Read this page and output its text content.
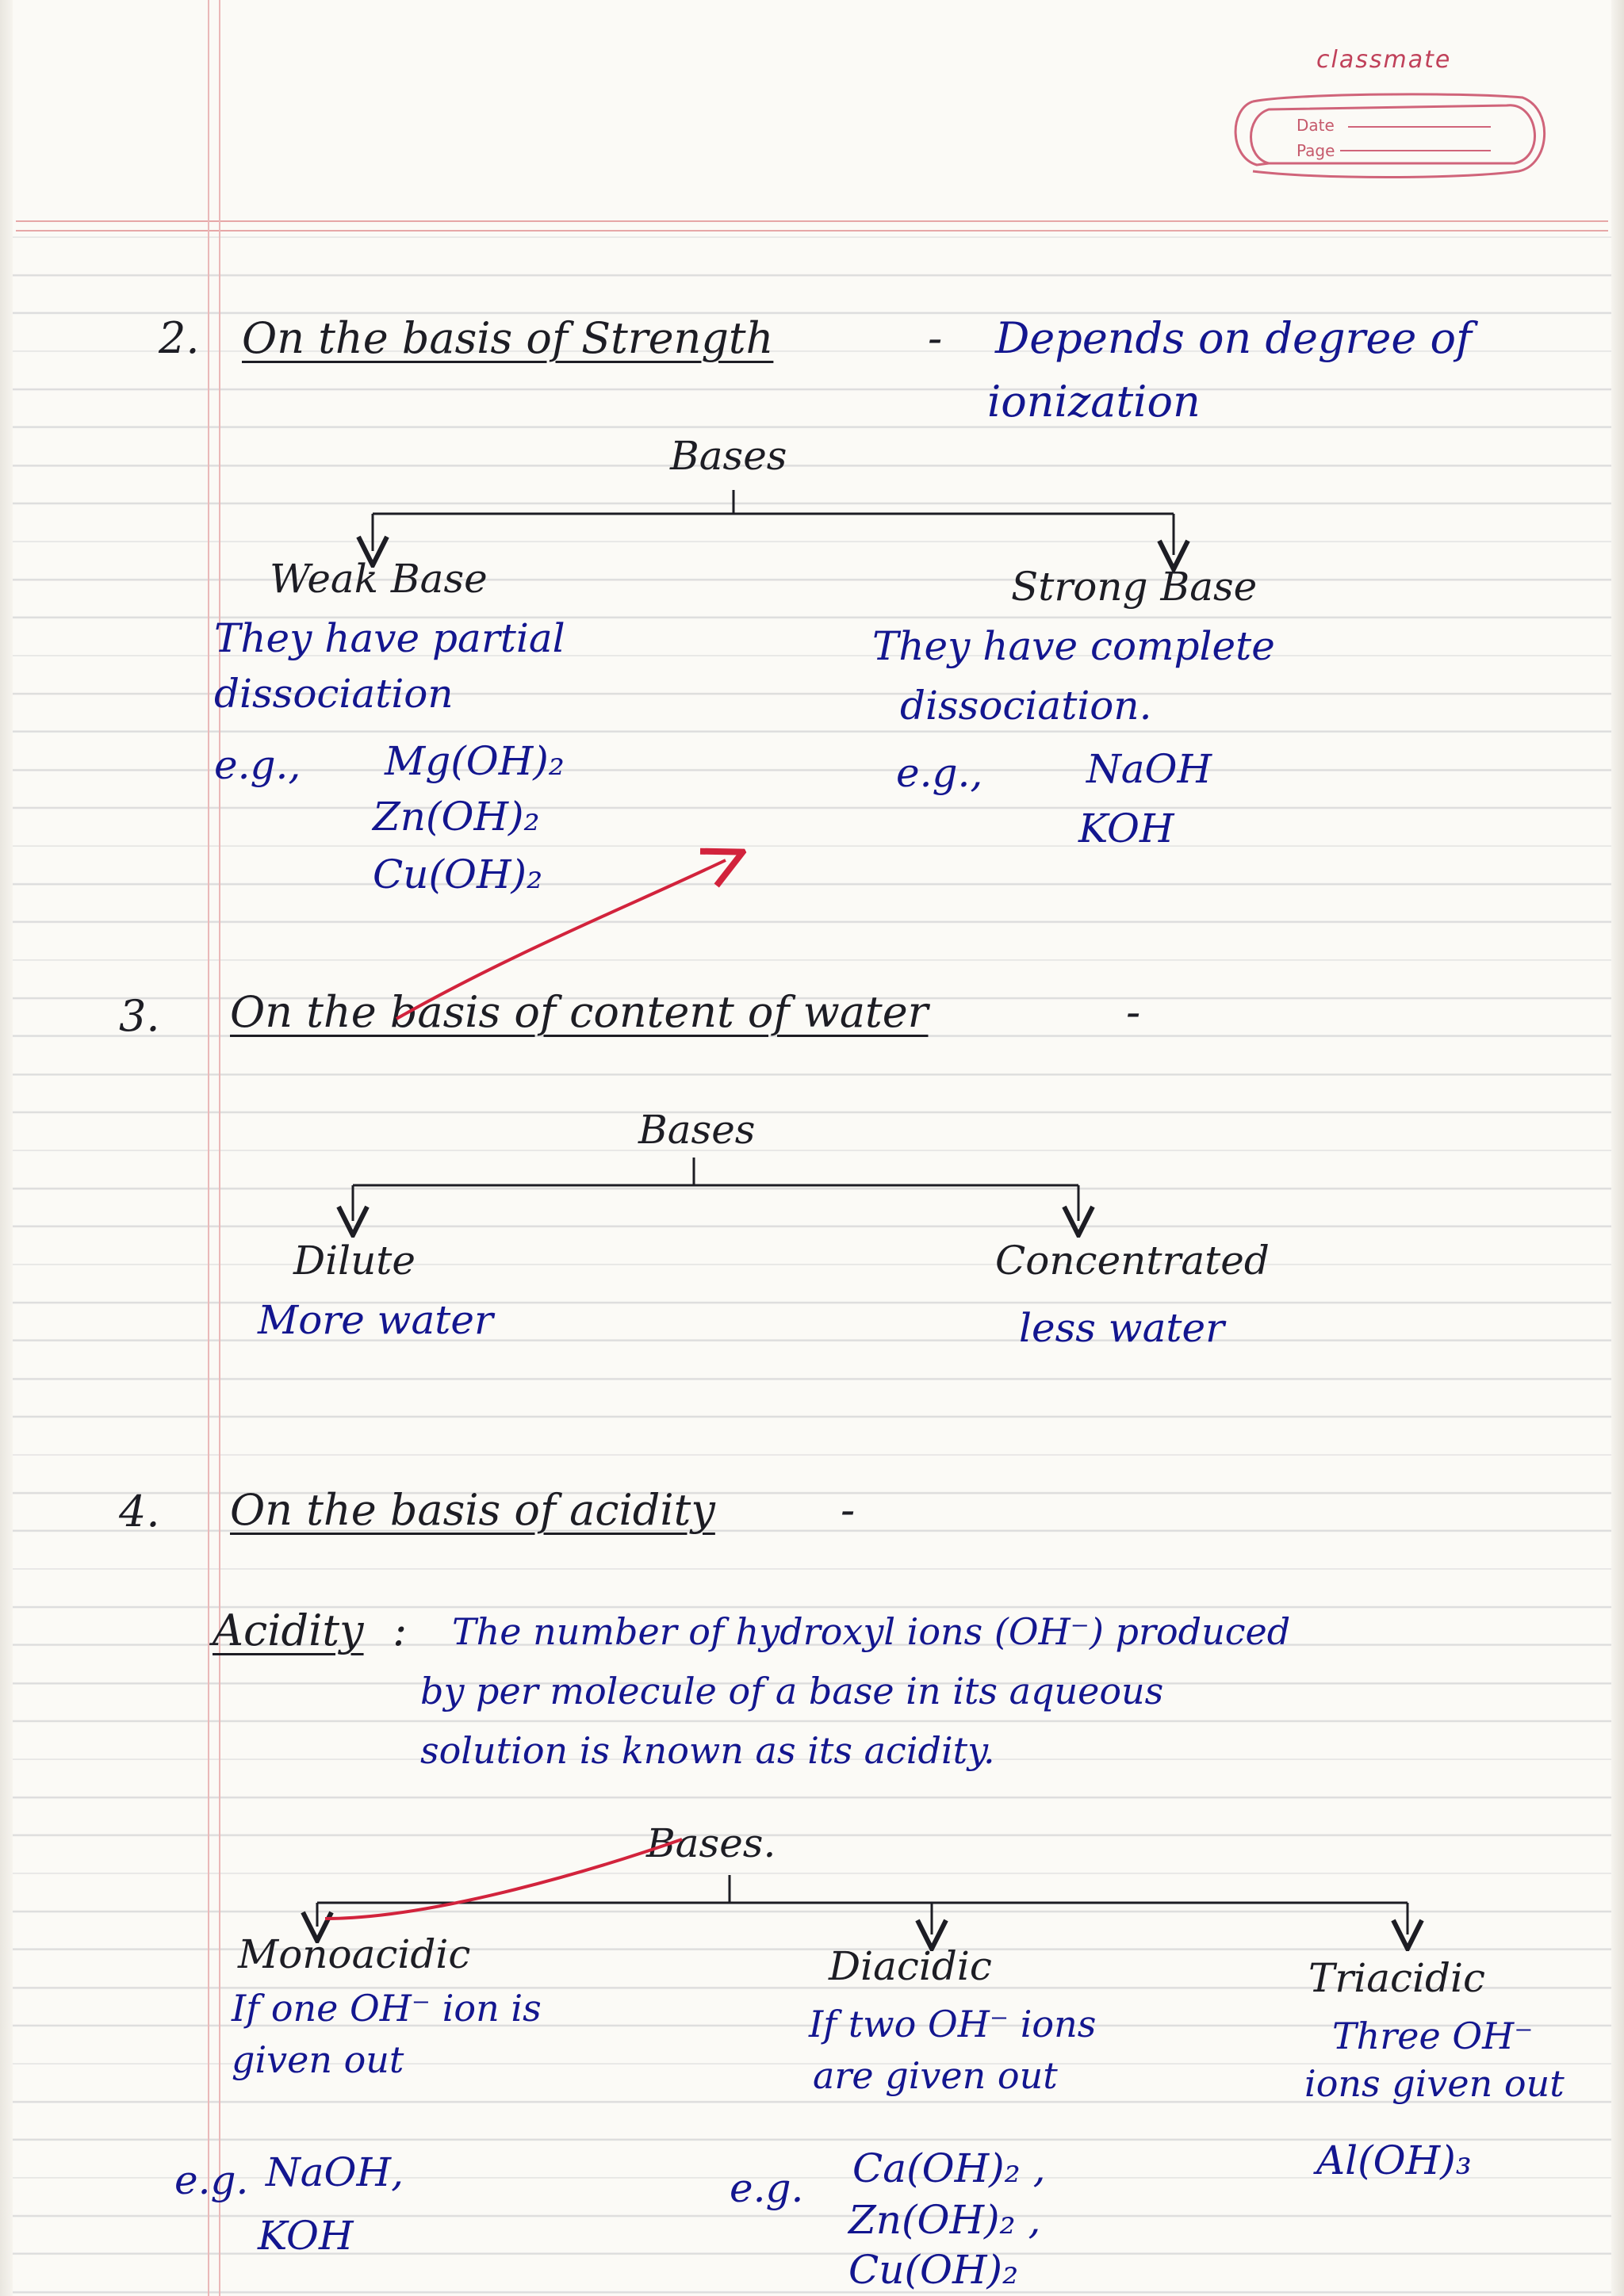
classmate
Date
Page
2. On the basis of Strength	- Depends on degree of
ionization
Bases
Weak Base
They have partial
dissociation
e.g., Mg(OH)₂
Zn(OH)₂
Cu(OH)₂
Strong Base
They have complete
dissociation.
e.g.,	NaOH
KOH
3. On the basis of content of water	-
Bases
Dilute
More water
Concentrated
less water
4. On the basis of acidity	-
Acidity : The number of hydroxyl ions (OH⁻) produced
by per molecule of a base in its aqueous
solution is known as its acidity.
Bases.
Monoacidic
If one OH⁻ ion is
given out
e.g. NaOH,
KOH
Diacidic
If two OH⁻ ions
are given out
e.g. Ca(OH)₂ ,
Zn(OH)₂ ,
Cu(OH)₂
Triacidic
Three OH⁻
ions given out
Al(OH)₃
